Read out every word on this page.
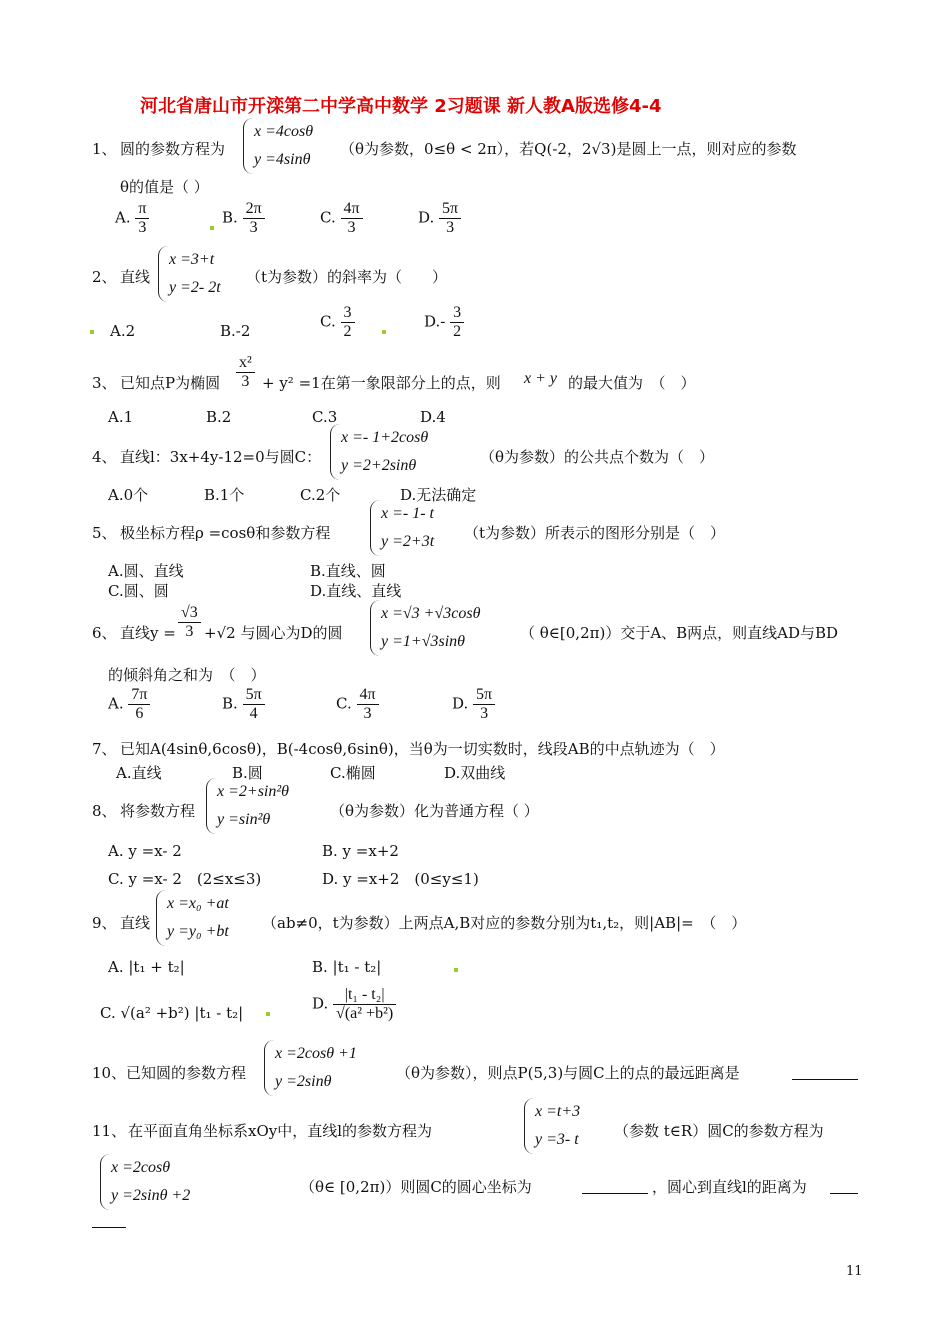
河北省唐山市开滦第二中学高中数学 2习题课 新人教A版选修4-4
1、 圆的参数方程为
x =4cosθ
y =4sinθ
（θ为参数，0≤θ < 2π），若Q(-2，2√3)是圆上一点，则对应的参数
θ的值是（ ）
A. $\frac{\pi}{3}$	B. $\frac{2\pi}{3}$	C. $\frac{4\pi}{3}$	D. $\frac{5\pi}{3}$
2、 直线
x =3+t
y =2- 2t
（t为参数）的斜率为（　　）
A.2	B.-2
C. $\frac{3}{2}$	$D.- \frac{3}{2}$
3、 已知点P为椭圆 $\frac{\text{x²}}{3} + y^2 =1$在第一象限部分上的点，则 x + y 的最大值为　（　）
A.1	B.2	C.3	D.4
4、 直线l：3x+4y-12=0与圆C：
x =- 1+2cosθ
y =2+2sinθ	（θ为参数）的公共点个数为（　）
A.0个	B.1个	C.2个	D.无法确定
5、 极坐标方程ρ =cosθ和参数方程
x =- 1- t
y =2+3t （t为参数）所表示的图形分别是（　）
A.圆、直线	B.直线、圆
C.圆、圆	D.直线、直线
6、 直线$y = \frac{√3}{3} +√2$ 与圆心为D的圆
x =√3 +√3cosθ
y =1+√3sinθ	（ θ∈[0,2π)）交于A、B两点，则直线AD与BD
的倾斜角之和为　（　）
A. $\frac{7\pi}{6}$	B. $\frac{5\pi}{4}$	C. $\frac{4\pi}{3}$	D. $\frac{5\pi}{3}$
7、 已知A(4sinθ,6cosθ)，B(-4cosθ,6sinθ)，当θ为一切实数时，线段AB的中点轨迹为（　）
A.直线	B.圆	C.椭圆	D.双曲线
8、 将参数方程
x =2+sin²θ
y =sin²θ	（θ为参数）化为普通方程（ ）
A. y =x- 2	B. y =x+2
C. y =x- 2　(2≤x≤3)	D. y =x+2　(0≤y≤1)
9、 直线
x =x₀ +at
y =y₀ +bt （ab≠0，t为参数）上两点A,B对应的参数分别为t₁,t₂，则|AB|=　（　）
A. |t₁ + t₂|	B. |t₁ - t₂|
C. √(a² +b²) |t₁ - t₂|
D. $\frac{\text{|t₁ - t₂|}}{\text{√(a² +b²)}}$
10、 已知圆的参数方程
x =2cosθ +1
y =2sinθ	（θ为参数），则点P(5,3)与圆C上的点的最远距离是
11、 在平面直角坐标系xOy中，直线l的参数方程为
x =t+3
y =3- t （参数 t∈R）圆C的参数方程为
x =2cosθ
y =2sinθ +2	（θ∈ [0,2π)）则圆C的圆心坐标为	，圆心到直线l的距离为
11
